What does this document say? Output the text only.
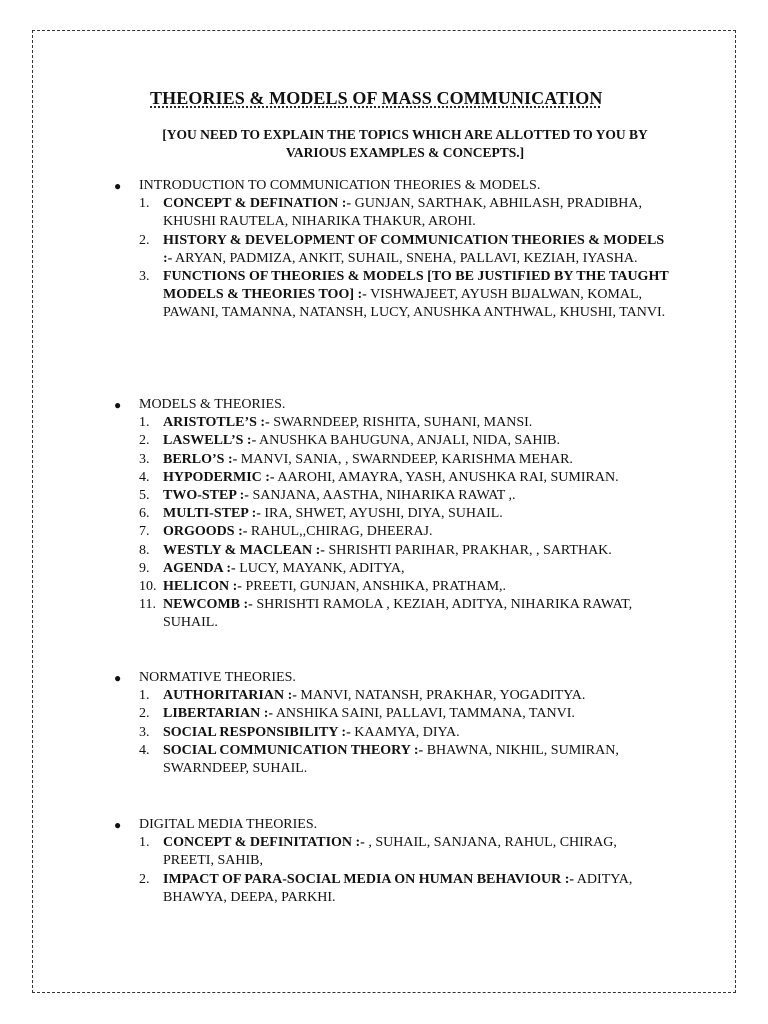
THEORIES & MODELS OF MASS COMMUNICATION
[YOU NEED TO EXPLAIN THE TOPICS WHICH ARE ALLOTTED TO YOU BY VARIOUS EXAMPLES & CONCEPTS.]
● INTRODUCTION TO COMMUNICATION THEORIES & MODELS.
1. CONCEPT & DEFINATION :- GUNJAN, SARTHAK, ABHILASH, PRADIBHA, KHUSHI RAUTELA, NIHARIKA THAKUR, AROHI.
2. HISTORY & DEVELOPMENT OF COMMUNICATION THEORIES & MODELS :- ARYAN, PADMIZA, ANKIT, SUHAIL, SNEHA, PALLAVI, KEZIAH, IYASHA.
3. FUNCTIONS OF THEORIES & MODELS [TO BE JUSTIFIED BY THE TAUGHT MODELS & THEORIES TOO] :- VISHWAJEET, AYUSH BIJALWAN, KOMAL, PAWANI, TAMANNA, NATANSH, LUCY, ANUSHKA ANTHWAL, KHUSHI, TANVI.
● MODELS & THEORIES.
1. ARISTOTLE’S :- SWARNDEEP, RISHITA, SUHANI, MANSI.
2. LASWELL’S :- ANUSHKA BAHUGUNA, ANJALI, NIDA, SAHIB.
3. BERLO’S :- MANVI, SANIA, , SWARNDEEP, KARISHMA MEHAR.
4. HYPODERMIC :- AAROHI, AMAYRA, YASH, ANUSHKA RAI, SUMIRAN.
5. TWO-STEP :- SANJANA, AASTHA, NIHARIKA RAWAT ,.
6. MULTI-STEP :- IRA, SHWET, AYUSHI, DIYA, SUHAIL.
7. ORGOODS :- RAHUL,,CHIRAG, DHEERAJ.
8. WESTLY & MACLEAN :- SHRISHTI PARIHAR, PRAKHAR, , SARTHAK.
9. AGENDA :- LUCY, MAYANK, ADITYA,
10. HELICON :- PREETI, GUNJAN, ANSHIKA, PRATHAM,.
11. NEWCOMB :- SHRISHTI RAMOLA , KEZIAH, ADITYA, NIHARIKA RAWAT, SUHAIL.
● NORMATIVE THEORIES.
1. AUTHORITARIAN :- MANVI, NATANSH, PRAKHAR, YOGADITYA.
2. LIBERTARIAN :- ANSHIKA SAINI, PALLAVI, TAMMANA, TANVI.
3. SOCIAL RESPONSIBILITY :- KAAMYA, DIYA.
4. SOCIAL COMMUNICATION THEORY :- BHAWNA, NIKHIL, SUMIRAN, SWARNDEEP, SUHAIL.
● DIGITAL MEDIA THEORIES.
1. CONCEPT & DEFINITATION :- , SUHAIL, SANJANA, RAHUL, CHIRAG, PREETI, SAHIB,
2. IMPACT OF PARA-SOCIAL MEDIA ON HUMAN BEHAVIOUR :- ADITYA, BHAWYA, DEEPA, PARKHI.
